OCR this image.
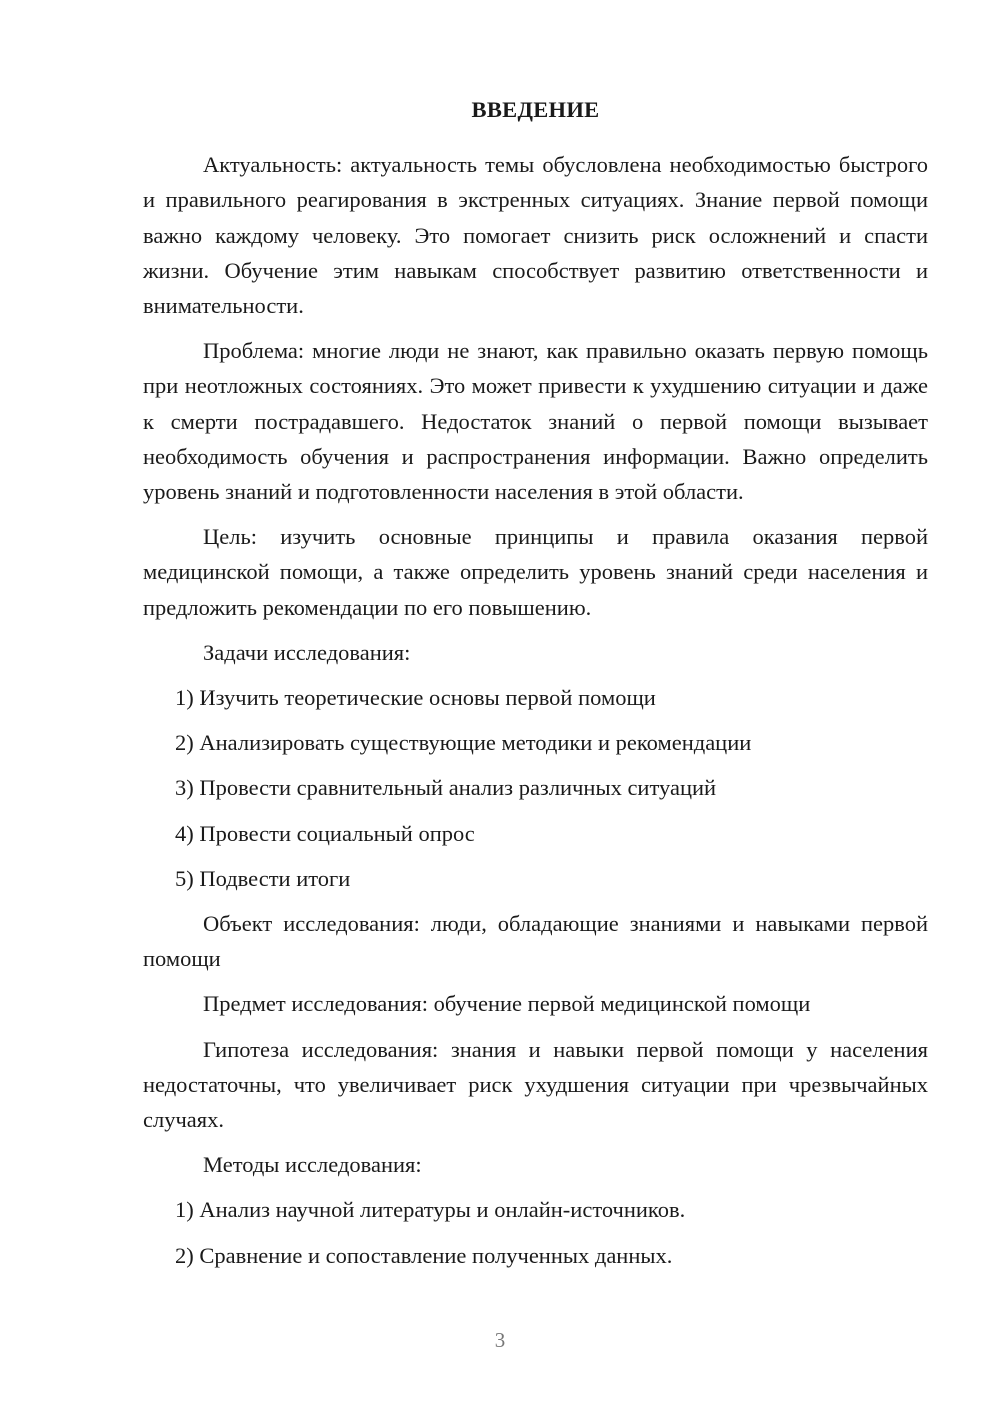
ВВЕДЕНИЕ

Актуальность: актуальность темы обусловлена необходимостью быстрого и правильного реагирования в экстренных ситуациях. Знание первой помощи важно каждому человеку. Это помогает снизить риск осложнений и спасти жизни. Обучение этим навыкам способствует развитию ответственности и внимательности.

Проблема: многие люди не знают, как правильно оказать первую помощь при неотложных состояниях. Это может привести к ухудшению ситуации и даже к смерти пострадавшего. Недостаток знаний о первой помощи вызывает необходимость обучения и распространения информации. Важно определить уровень знаний и подготовленности населения в этой области.

Цель: изучить основные принципы и правила оказания первой медицинской помощи, а также определить уровень знаний среди населения и предложить рекомендации по его повышению.

Задачи исследования:

1) Изучить теоретические основы первой помощи
2) Анализировать существующие методики и рекомендации
3) Провести сравнительный анализ различных ситуаций
4) Провести социальный опрос
5) Подвести итоги

Объект исследования: люди, обладающие знаниями и навыками первой помощи

Предмет исследования: обучение первой медицинской помощи

Гипотеза исследования: знания и навыки первой помощи у населения недостаточны, что увеличивает риск ухудшения ситуации при чрезвычайных случаях.

Методы исследования:

1) Анализ научной литературы и онлайн-источников.
2) Сравнение и сопоставление полученных данных.
3
